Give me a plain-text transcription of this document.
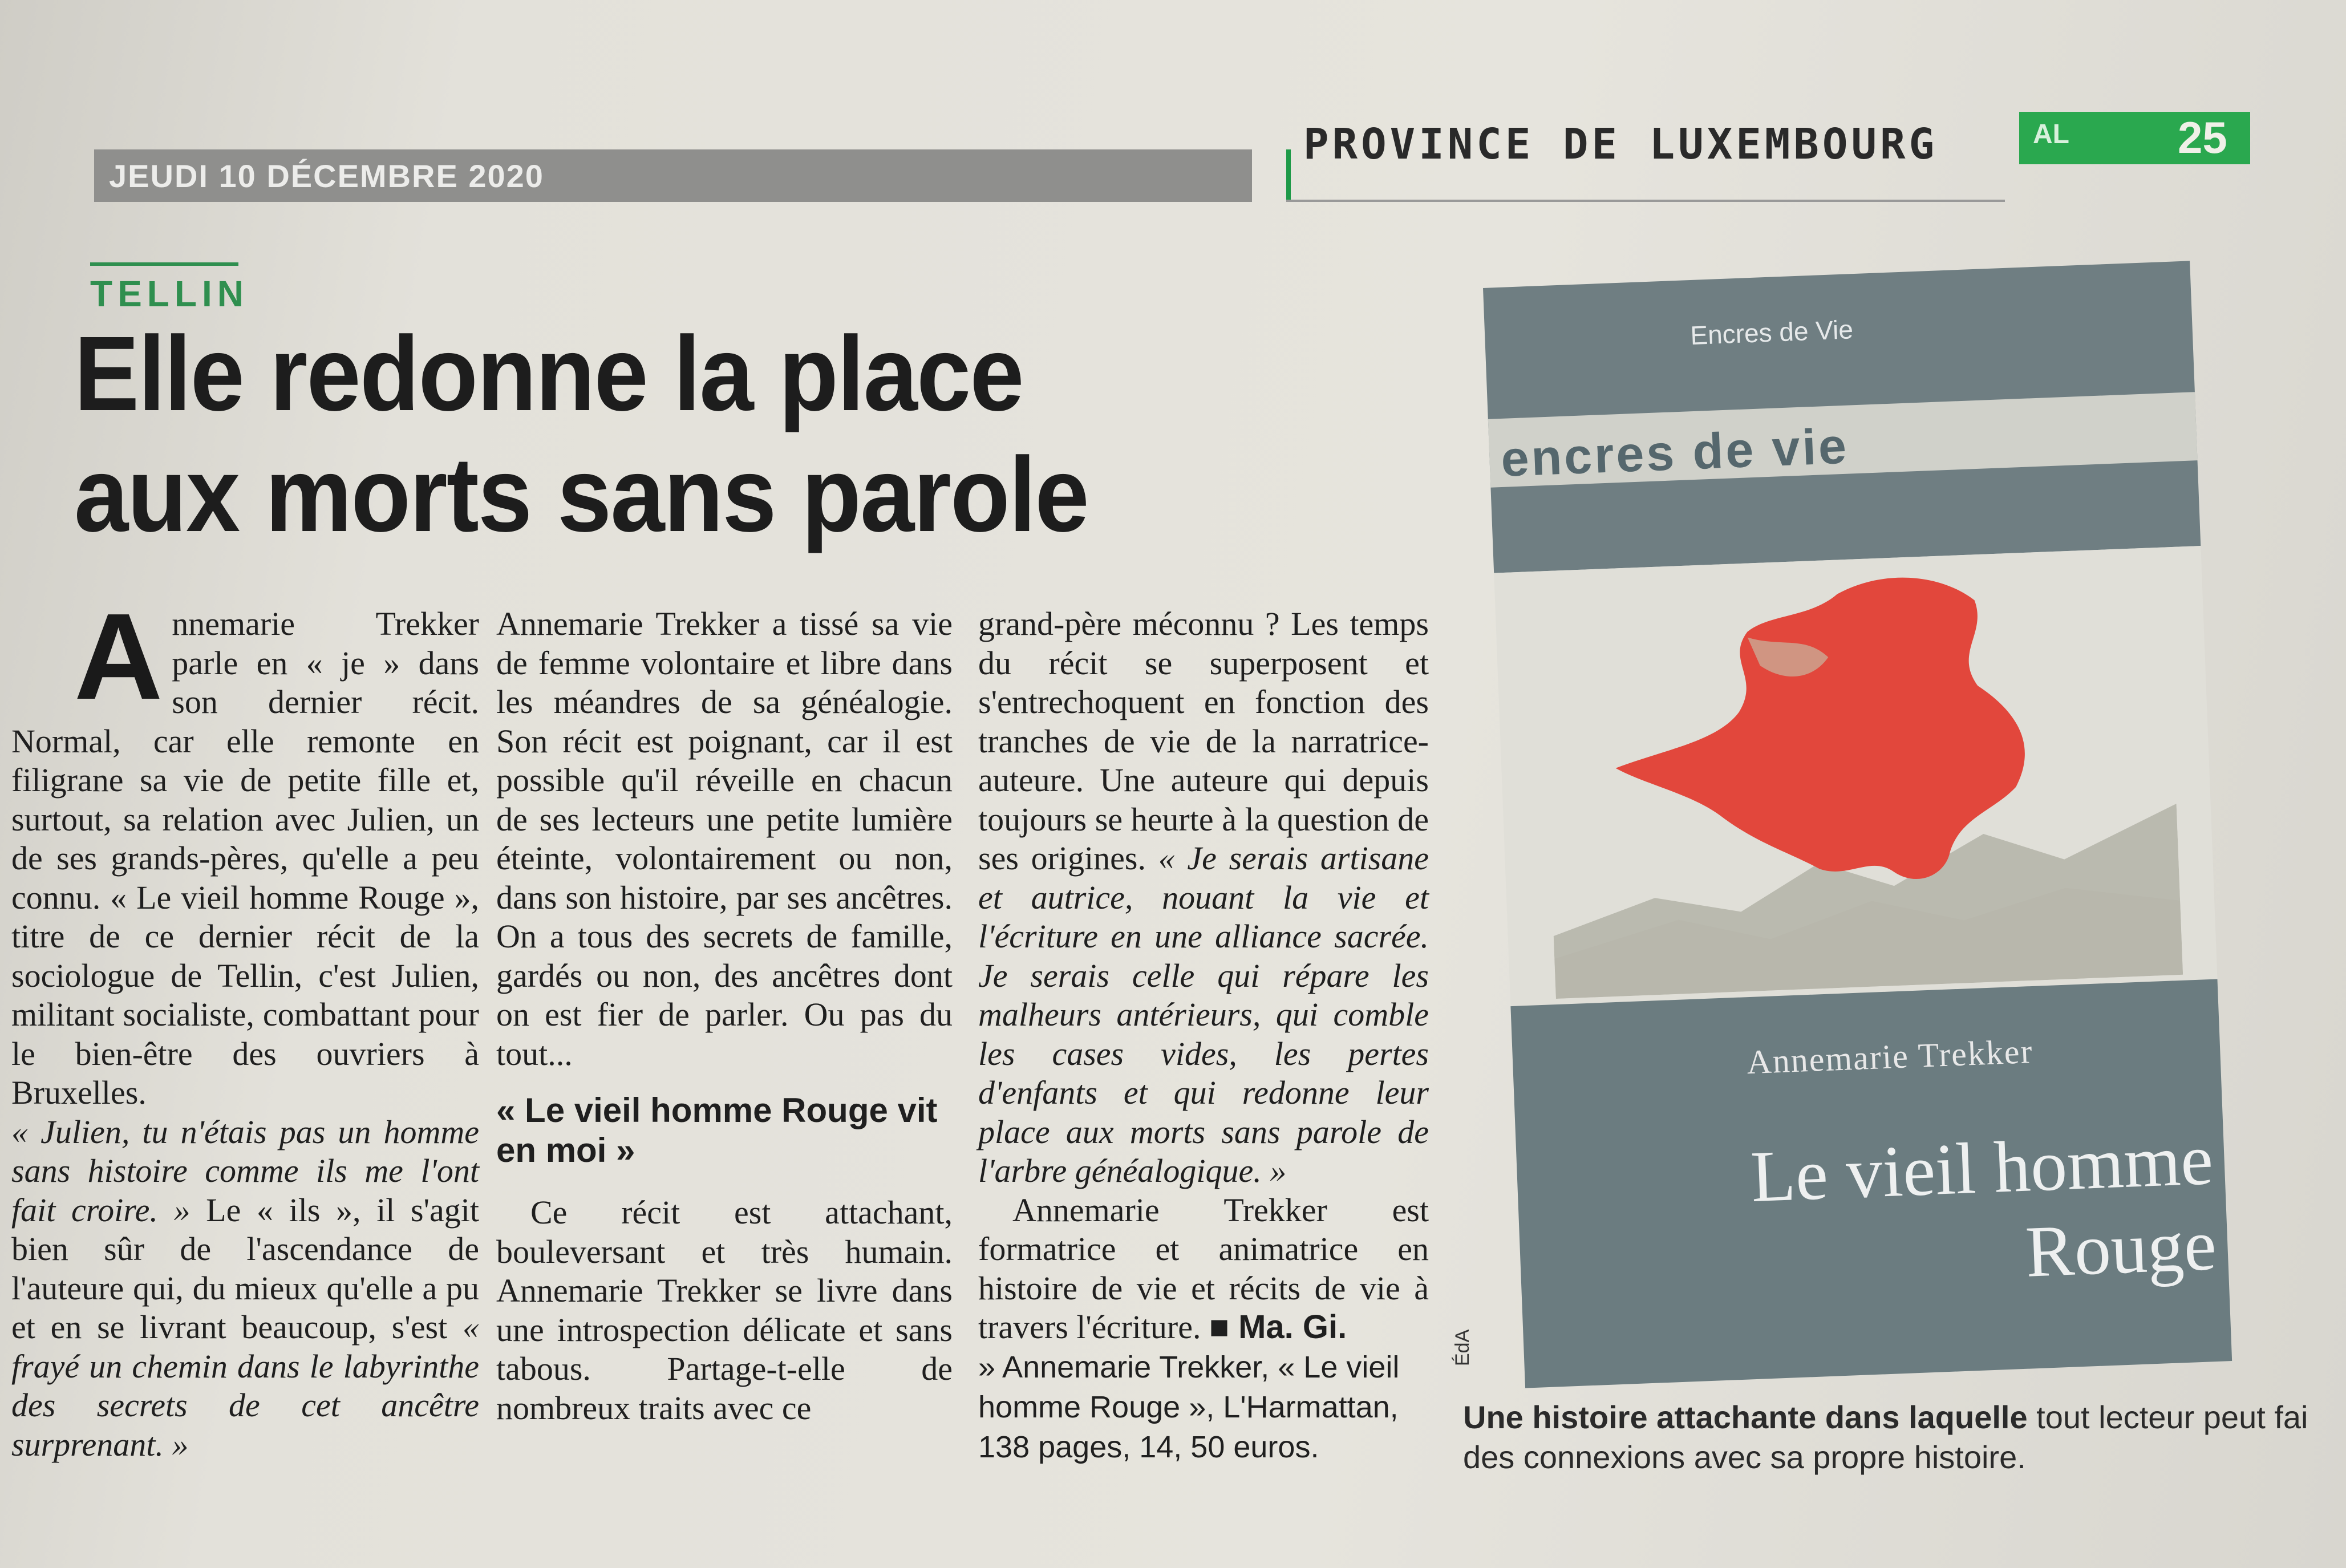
JEUDI 10 DÉCEMBRE 2020
PROVINCE DE LUXEMBOURG	AL 25
TELLIN
Elle redonne la place
aux morts sans parole

A nnemarie Trekker parle en « je » dans son dernier récit. Normal, car elle remonte en filigrane sa vie de petite fille et, surtout, sa relation avec Julien, un de ses grands-pères, qu'elle a peu connu. « Le vieil homme Rouge », titre de ce dernier récit de la sociologue de Tellin, c'est Julien, militant socialiste, combattant pour le bien-être des ouvriers à Bruxelles.

« Julien, tu n'étais pas un homme sans histoire comme ils me l'ont fait croire. » Le « ils », il s'agit bien sûr de l'ascendance de l'auteure qui, du mieux qu'elle a pu et en se livrant beaucoup, s'est « frayé un chemin dans le labyrinthe des secrets de cet ancêtre surprenant. »

Annemarie Trekker a tissé sa vie de femme volontaire et libre dans les méandres de sa généalogie. Son récit est poignant, car il est possible qu'il réveille en chacun de ses lecteurs une petite lumière éteinte, volontairement ou non, dans son histoire, par ses ancêtres. On a tous des secrets de famille, gardés ou non, des ancêtres dont on est fier de parler. Ou pas du tout...

« Le vieil homme Rouge vit en moi »

Ce récit est attachant, bouleversant et très humain. Annemarie Trekker se livre dans une introspection délicate et sans tabous. Partage-t-elle de nombreux traits avec ce

grand-père méconnu ? Les temps du récit se superposent et s'entrechoquent en fonction des tranches de vie de la narratrice-auteure. Une auteure qui depuis toujours se heurte à la question de ses origines. « Je serais artisane et autrice, nouant la vie et l'écriture en une alliance sacrée. Je serais celle qui répare les malheurs antérieurs, qui comble les cases vides, les pertes d'enfants et qui redonne leur place aux morts sans parole de l'arbre généalogique. »

Annemarie Trekker est formatrice et animatrice en histoire de vie et récits de vie à travers l'écriture. ■ Ma. Gi.

» Annemarie Trekker, « Le vieil homme Rouge », L'Harmattan, 138 pages, 14, 50 euros.

ÉdA
Encres de Vie
encres de vie
Annemarie Trekker
Le vieil homme
Rouge
Une histoire attachante dans laquelle tout lecteur peut fai des connexions avec sa propre histoire.
